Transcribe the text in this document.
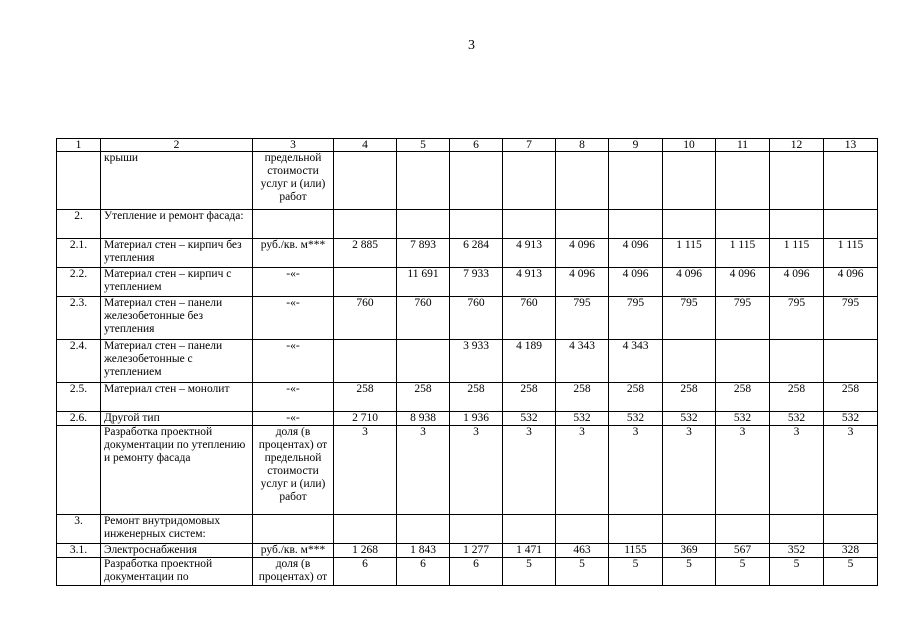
3
1	2	3	4	5	6	7	8	9	10	11	12	13
	крыши	предельной стоимости услуг и (или) работ										
2.	Утепление и ремонт фасада:											
2.1.	Материал стен – кирпич без утепления	руб./кв. м***	2 885	7 893	6 284	4 913	4 096	4 096	1 115	1 115	1 115	1 115
2.2.	Материал стен – кирпич с утеплением	-«-		11 691	7 933	4 913	4 096	4 096	4 096	4 096	4 096	4 096
2.3.	Материал стен – панели железобетонные без утепления	-«-	760	760	760	760	795	795	795	795	795	795
2.4.	Материал стен – панели железобетонные с утеплением	-«-			3 933	4 189	4 343	4 343				
2.5.	Материал стен – монолит	-«-	258	258	258	258	258	258	258	258	258	258
2.6.	Другой тип	-«-	2 710	8 938	1 936	532	532	532	532	532	532	532
	Разработка проектной документации по утеплению и ремонту фасада	доля (в процентах) от предельной стоимости услуг и (или) работ	3	3	3	3	3	3	3	3	3	3
3.	Ремонт внутридомовых инженерных систем:											
3.1.	Электроснабжения	руб./кв. м***	1 268	1 843	1 277	1 471	463	1155	369	567	352	328
	Разработка проектной документации по	доля (в процентах) от	6	6	6	5	5	5	5	5	5	5
